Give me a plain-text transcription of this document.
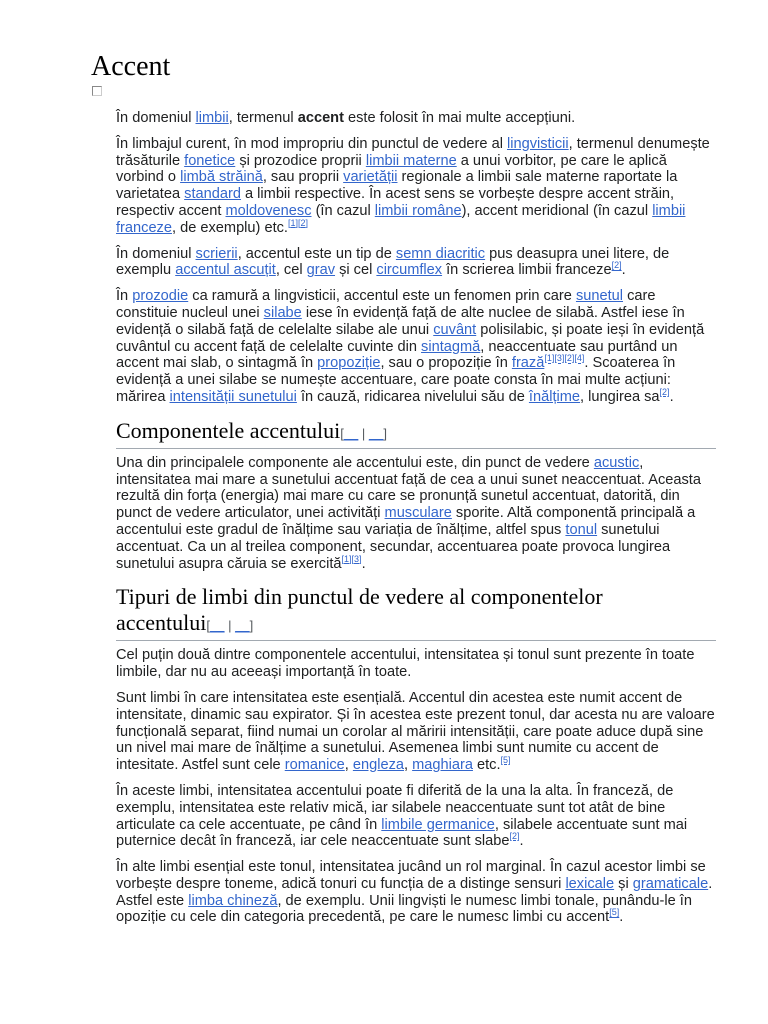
Accent

În domeniul limbii, termenul accent este folosit în mai multe accepțiuni.

În limbajul curent, în mod impropriu din punctul de vedere al lingvisticii, termenul denumește trăsăturile fonetice și prozodice proprii limbii materne a unui vorbitor, pe care le aplică vorbind o limbă străină, sau proprii varietății regionale a limbii sale materne raportate la varietatea standard a limbii respective. În acest sens se vorbește despre accent străin, respectiv accent moldovenesc (în cazul limbii române), accent meridional (în cazul limbii franceze, de exemplu) etc.[1][2]

În domeniul scrierii, accentul este un tip de semn diacritic pus deasupra unei litere, de exemplu accentul ascuțit, cel grav și cel circumflex în scrierea limbii franceze[2].

În prozodie ca ramură a lingvisticii, accentul este un fenomen prin care sunetul care constituie nucleul unei silabe iese în evidență față de alte nuclee de silabă. Astfel iese în evidență o silabă față de celelalte silabe ale unui cuvânt polisilabic, și poate ieși în evidență cuvântul cu accent față de celelalte cuvinte din sintagmă, neaccentuate sau purtând un accent mai slab, o sintagmă în propoziție, sau o propoziție în frază[1][3][2][4]. Scoaterea în evidență a unei silabe se numește accentuare, care poate consta în mai multe acțiuni: mărirea intensității sunetului în cauză, ridicarea nivelului său de înălțime, lungirea sa[2].

Componentele accentului[__ | __]

Una din principalele componente ale accentului este, din punct de vedere acustic, intensitatea mai mare a sunetului accentuat față de cea a unui sunet neaccentuat. Aceasta rezultă din forța (energia) mai mare cu care se pronunță sunetul accentuat, datorită, din punct de vedere articulator, unei activități musculare sporite. Altă componentă principală a accentului este gradul de înălțime sau variația de înălțime, altfel spus tonul sunetului accentuat. Ca un al treilea component, secundar, accentuarea poate provoca lungirea sunetului asupra căruia se exercită[1][3].

Tipuri de limbi din punctul de vedere al componentelor accentului[__ | __]

Cel puțin două dintre componentele accentului, intensitatea și tonul sunt prezente în toate limbile, dar nu au aceeași importanță în toate.

Sunt limbi în care intensitatea este esențială. Accentul din acestea este numit accent de intensitate, dinamic sau expirator. Și în acestea este prezent tonul, dar acesta nu are valoare funcțională separat, fiind numai un corolar al măririi intensității, care poate aduce după sine un nivel mai mare de înălțime a sunetului. Asemenea limbi sunt numite cu accent de intesitate. Astfel sunt cele romanice, engleza, maghiara etc.[5]

În aceste limbi, intensitatea accentului poate fi diferită de la una la alta. În franceză, de exemplu, intensitatea este relativ mică, iar silabele neaccentuate sunt tot atât de bine articulate ca cele accentuate, pe când în limbile germanice, silabele accentuate sunt mai puternice decât în franceză, iar cele neaccentuate sunt slabe[2].

În alte limbi esențial este tonul, intensitatea jucând un rol marginal. În cazul acestor limbi se vorbește despre toneme, adică tonuri cu funcția de a distinge sensuri lexicale și gramaticale. Astfel este limba chineză, de exemplu. Unii lingviști le numesc limbi tonale, punându-le în opoziție cu cele din categoria precedentă, pe care le numesc limbi cu accent[5].
